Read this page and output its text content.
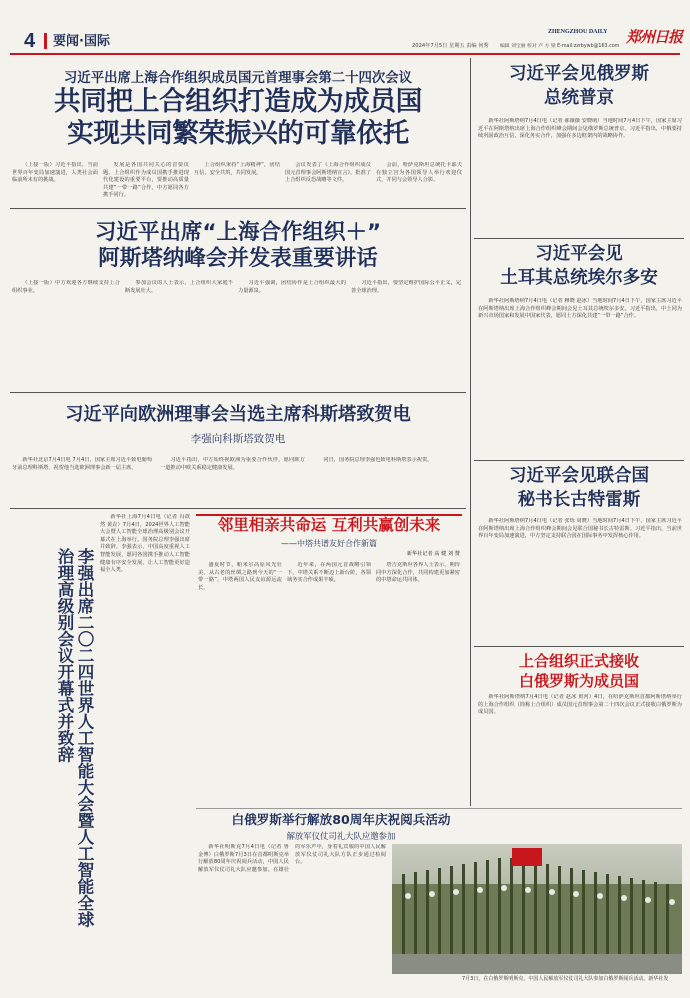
4 要闻·国际
ZHENGZHOU DAILY
2024年7月5日 星期五 责编 何秀 编辑 刘宝丽 校对 卢 方 梁 E-mail:zzrbywb@163.com
郑州日报
习近平出席上海合作组织成员国元首理事会第二十四次会议
共同把上合组织打造成为成员国
实现共同繁荣振兴的可靠依托

（上接一版）习近平指出，当前世界百年变局加速演进，人类社会面临前所未有的挑战。

发展是各国共同关心的首要议题。上合组织作为成员国携手推进现代化建设的重要平台，要推动高质量共建“一带一路”合作，中方愿同各方携手同行。

上合组织秉持“上海精神”，团结互信，安全共筑，共同发展。

会议发表了《上海合作组织成员国元首理事会阿斯塔纳宣言》，批准了上合组织反恐战略等文件。

会前，哈萨克斯坦总统托卡耶夫在独立宫为各国领导人举行欢迎仪式，并同与会领导人合影。

习近平出席“上海合作组织＋”
阿斯塔纳峰会并发表重要讲话

（上接一版）中方欢迎各方继续支持上合组织事业。

参加会议的人士表示，上合组织大家庭不断发展壮大。

习近平强调，团结协作是上合组织最大的力量源泉。

习近平指出，要坚定维护国际公平正义，完善全球治理。

习近平向欧洲理事会当选主席科斯塔致贺电
李强向科斯塔致贺电

新华社北京7月4日电 7月4日，国家主席习近平致电葡萄牙前总理科斯塔，祝贺他当选欧洲理事会新一届主席。

习近平指出，中方始终视欧洲为重要合作伙伴，愿同欧方一道推动中欧关系稳定健康发展。

同日，国务院总理李强也致电科斯塔表示祝贺。

李强出席二〇二四世界人工智能大会暨人工智能全球治理高级别会议开幕式并致辞

新华社上海7月4日电（记者 冯歆然 黄垚）7月4日，2024世界人工智能大会暨人工智能全球治理高级别会议开幕式在上海举行。国务院总理李强出席并致辞。李强表示，中国高度重视人工智能发展，愿同各国携手推动人工智能健康有序安全发展，让人工智能更好造福全人类。

邻里相亲共命运 互利共赢创未来
——中塔共谱友好合作新篇
新华社记者 高 健 刘 赞

盛夏时节，帕米尔高原风光壮美。从古老的丝绸之路到今天的“一带一路”，中塔两国人民友谊源远流长。

近年来，在两国元首战略引领下，中塔关系不断迈上新台阶，各领域务实合作成果丰硕。

塔吉克斯坦各界人士表示，期待同中方深化合作，共同构建更加紧密的中塔命运共同体。

习近平会见俄罗斯
总统普京

新华社阿斯塔纳7月4日电（记者 郝薇薇 安晓萌）当地时间7月4日下午，国家主席习近平在阿斯塔纳出席上海合作组织峰会期间会见俄罗斯总统普京。习近平指出，中俄要持续巩固政治互信，深化务实合作，加强在多边框架内的战略协作。

习近平会见
土耳其总统埃尔多安

新华社阿斯塔纳7月4日电（记者 穆晓 赵冰）当地时间7月4日下午，国家主席习近平在阿斯塔纳出席上海合作组织峰会期间会见土耳其总统埃尔多安。习近平指出，中土同为新兴市场国家和发展中国家代表，愿同土方深化共建“一带一路”合作。

习近平会见联合国
秘书长古特雷斯

新华社阿斯塔纳7月4日电（记者 张烁 周晓）当地时间7月4日下午，国家主席习近平在阿斯塔纳出席上海合作组织峰会期间会见联合国秘书长古特雷斯。习近平指出，当前世界百年变局加速演进，中方坚定支持联合国在国际事务中发挥核心作用。

上合组织正式接收
白俄罗斯为成员国

新华社阿斯塔纳7月4日电（记者 赵冰 黄河）4日，在哈萨克斯坦首都阿斯塔纳举行的上海合作组织（简称上合组织）成员国元首理事会第二十四次会议正式接收白俄罗斯为成员国。

白俄罗斯举行解放80周年庆祝阅兵活动
解放军仪仗司礼大队应邀参加

新华社明斯克7月4日电（记者 鲁金博）白俄罗斯7月3日在首都明斯克举行解放80周年庆祝阅兵活动，中国人民解放军仪仗司礼大队应邀参加。在雄壮的军乐声中，身着礼宾服的中国人民解放军仪仗司礼大队方队正步通过检阅台。

7月3日，在白俄罗斯明斯克，中国人民解放军仪仗司礼大队参加白俄罗斯阅兵活动。新华社发
